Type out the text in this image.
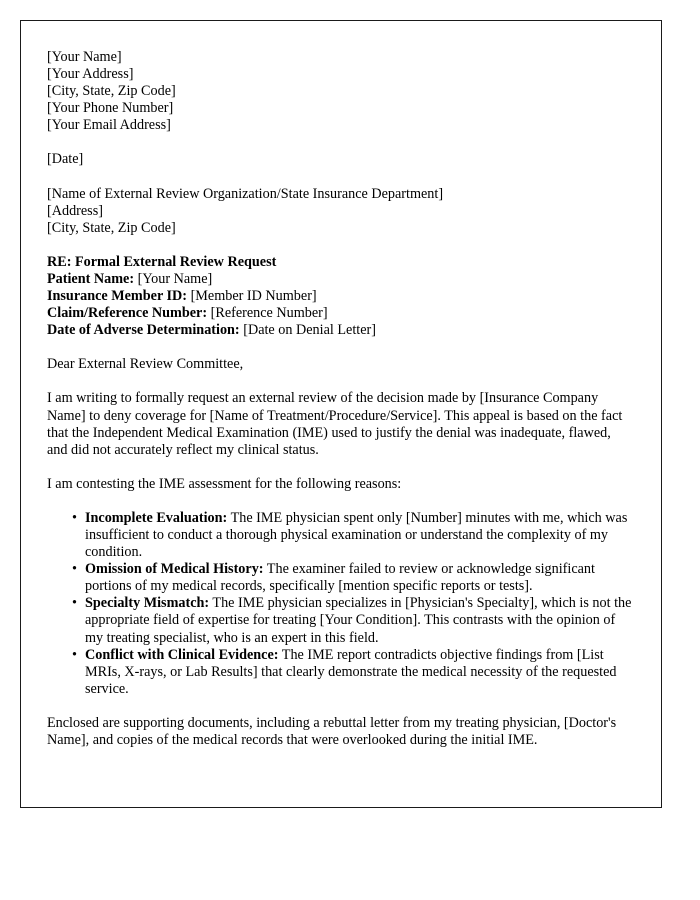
[Your Name]
[Your Address]
[City, State, Zip Code]
[Your Phone Number]
[Your Email Address]
[Date]
[Name of External Review Organization/State Insurance Department]
[Address]
[City, State, Zip Code]
RE: Formal External Review Request
Patient Name: [Your Name]
Insurance Member ID: [Member ID Number]
Claim/Reference Number: [Reference Number]
Date of Adverse Determination: [Date on Denial Letter]

Dear External Review Committee,

I am writing to formally request an external review of the decision made by [Insurance Company Name] to deny coverage for [Name of Treatment/Procedure/Service]. This appeal is based on the fact that the Independent Medical Examination (IME) used to justify the denial was inadequate, flawed, and did not accurately reflect my clinical status.

I am contesting the IME assessment for the following reasons:

• Incomplete Evaluation: The IME physician spent only [Number] minutes with me, which was insufficient to conduct a thorough physical examination or understand the complexity of my condition.
• Omission of Medical History: The examiner failed to review or acknowledge significant portions of my medical records, specifically [mention specific reports or tests].
• Specialty Mismatch: The IME physician specializes in [Physician's Specialty], which is not the appropriate field of expertise for treating [Your Condition]. This contrasts with the opinion of my treating specialist, who is an expert in this field.
• Conflict with Clinical Evidence: The IME report contradicts objective findings from [List MRIs, X-rays, or Lab Results] that clearly demonstrate the medical necessity of the requested service.

Enclosed are supporting documents, including a rebuttal letter from my treating physician, [Doctor's Name], and copies of the medical records that were overlooked during the initial IME.
